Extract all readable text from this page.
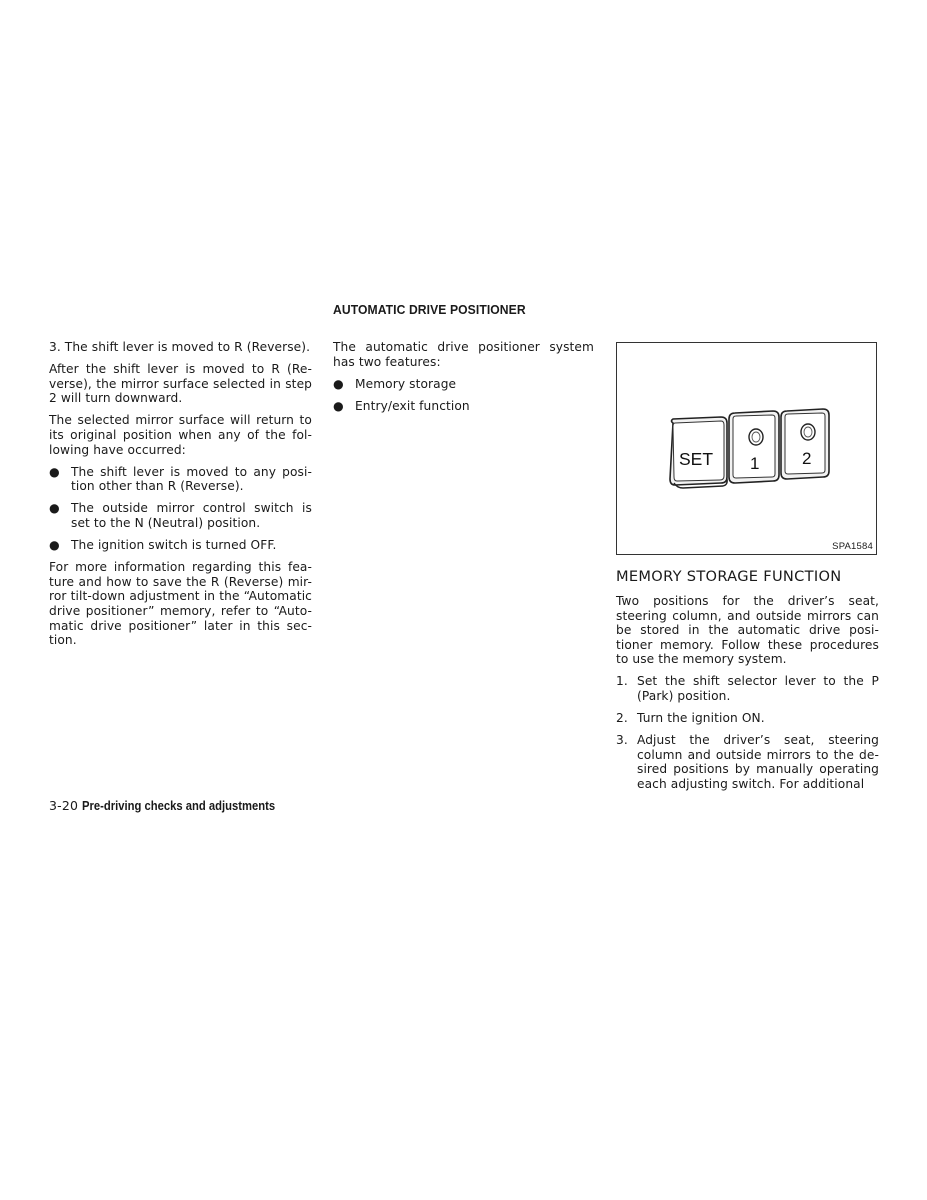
AUTOMATIC DRIVE POSITIONER

3. The shift lever is moved to R (Reverse).

After the shift lever is moved to R (Re-verse), the mirror surface selected in step 2 will turn downward.

The selected mirror surface will return to its original position when any of the fol-lowing have occurred:

● The shift lever is moved to any posi-tion other than R (Reverse).
● The outside mirror control switch is set to the N (Neutral) position.
● The ignition switch is turned OFF.

For more information regarding this fea-ture and how to save the R (Reverse) mir-ror tilt-down adjustment in the “Automatic drive positioner” memory, refer to “Auto-matic drive positioner” later in this sec-tion.

The automatic drive positioner system has two features:

● Memory storage
● Entry/exit function
SET 1	2
SPA1584
MEMORY STORAGE FUNCTION

Two positions for the driver’s seat, steering column, and outside mirrors can be stored in the automatic drive posi-tioner memory. Follow these procedures to use the memory system.

1. Set the shift selector lever to the P (Park) position.
2. Turn the ignition ON.
3. Adjust the driver’s seat, steering column and outside mirrors to the de-sired positions by manually operating each adjusting switch. For additional
3-20 Pre-driving checks and adjustments
